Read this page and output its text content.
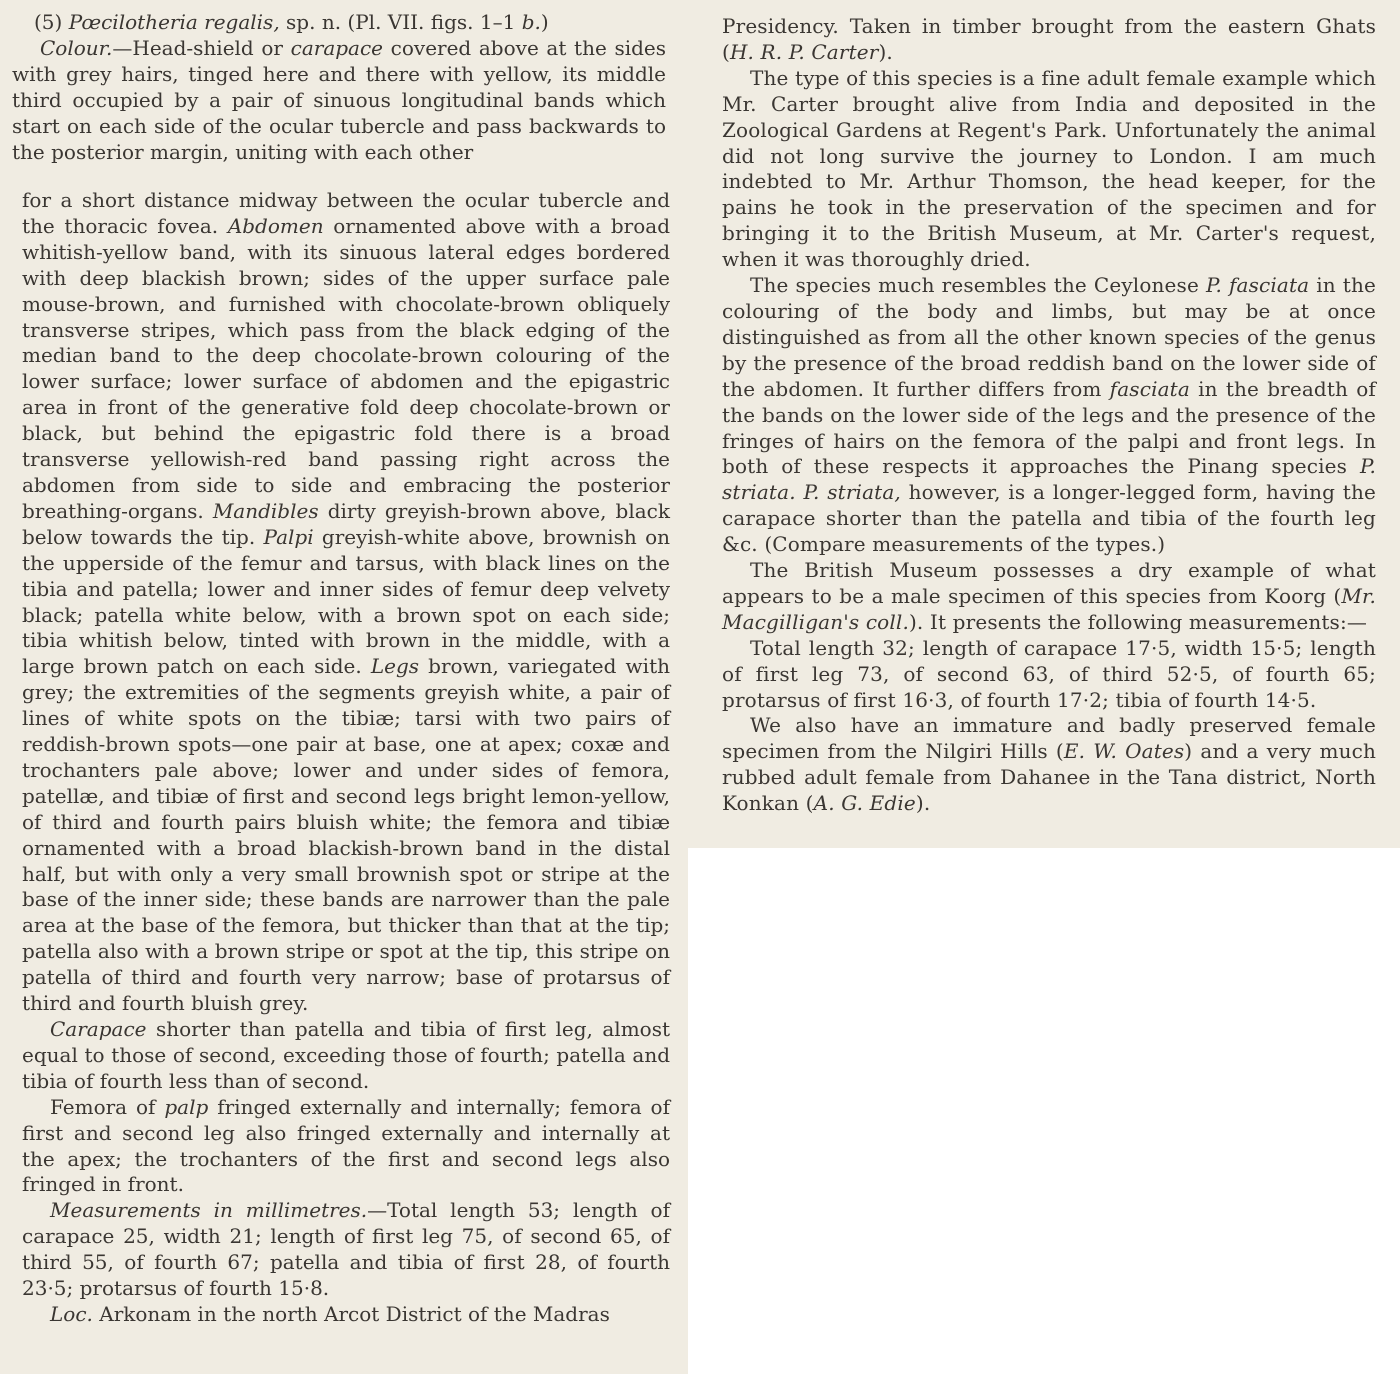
(5) Pœcilotheria regalis, sp. n. (Pl. VII. figs. 1–1 b.)

Colour.—Head-shield or carapace covered above at the sides with grey hairs, tinged here and there with yellow, its middle third occupied by a pair of sinuous longitudinal bands which start on each side of the ocular tubercle and pass backwards to the posterior margin, uniting with each other

for a short distance midway between the ocular tubercle and the thoracic fovea. Abdomen ornamented above with a broad whitish-yellow band, with its sinuous lateral edges bordered with deep blackish brown; sides of the upper surface pale mouse-brown, and furnished with chocolate-brown obliquely transverse stripes, which pass from the black edging of the median band to the deep chocolate-brown colouring of the lower surface; lower surface of abdomen and the epigastric area in front of the generative fold deep chocolate-brown or black, but behind the epigastric fold there is a broad transverse yellowish-red band passing right across the abdomen from side to side and embracing the posterior breathing-organs. Mandibles dirty greyish-brown above, black below towards the tip. Palpi greyish-white above, brownish on the upperside of the femur and tarsus, with black lines on the tibia and patella; lower and inner sides of femur deep velvety black; patella white below, with a brown spot on each side; tibia whitish below, tinted with brown in the middle, with a large brown patch on each side. Legs brown, variegated with grey; the extremities of the segments greyish white, a pair of lines of white spots on the tibiæ; tarsi with two pairs of reddish-brown spots—one pair at base, one at apex; coxæ and trochanters pale above; lower and under sides of femora, patellæ, and tibiæ of first and second legs bright lemon-yellow, of third and fourth pairs bluish white; the femora and tibiæ ornamented with a broad blackish-brown band in the distal half, but with only a very small brownish spot or stripe at the base of the inner side; these bands are narrower than the pale area at the base of the femora, but thicker than that at the tip; patella also with a brown stripe or spot at the tip, this stripe on patella of third and fourth very narrow; base of protarsus of third and fourth bluish grey.

Carapace shorter than patella and tibia of first leg, almost equal to those of second, exceeding those of fourth; patella and tibia of fourth less than of second.

Femora of palp fringed externally and internally; femora of first and second leg also fringed externally and internally at the apex; the trochanters of the first and second legs also fringed in front.

Measurements in millimetres.—Total length 53; length of carapace 25, width 21; length of first leg 75, of second 65, of third 55, of fourth 67; patella and tibia of first 28, of fourth 23·5; protarsus of fourth 15·8.

Loc. Arkonam in the north Arcot District of the Madras

Presidency. Taken in timber brought from the eastern Ghats (H. R. P. Carter).

The type of this species is a fine adult female example which Mr. Carter brought alive from India and deposited in the Zoological Gardens at Regent's Park. Unfortunately the animal did not long survive the journey to London. I am much indebted to Mr. Arthur Thomson, the head keeper, for the pains he took in the preservation of the specimen and for bringing it to the British Museum, at Mr. Carter's request, when it was thoroughly dried.

The species much resembles the Ceylonese P. fasciata in the colouring of the body and limbs, but may be at once distinguished as from all the other known species of the genus by the presence of the broad reddish band on the lower side of the abdomen. It further differs from fasciata in the breadth of the bands on the lower side of the legs and the presence of the fringes of hairs on the femora of the palpi and front legs. In both of these respects it approaches the Pinang species P. striata. P. striata, however, is a longer-legged form, having the carapace shorter than the patella and tibia of the fourth leg &c. (Compare measurements of the types.)

The British Museum possesses a dry example of what appears to be a male specimen of this species from Koorg (Mr. Macgilligan's coll.). It presents the following measurements:—

Total length 32; length of carapace 17·5, width 15·5; length of first leg 73, of second 63, of third 52·5, of fourth 65; protarsus of first 16·3, of fourth 17·2; tibia of fourth 14·5.

We also have an immature and badly preserved female specimen from the Nilgiri Hills (E. W. Oates) and a very much rubbed adult female from Dahanee in the Tana district, North Konkan (A. G. Edie).
